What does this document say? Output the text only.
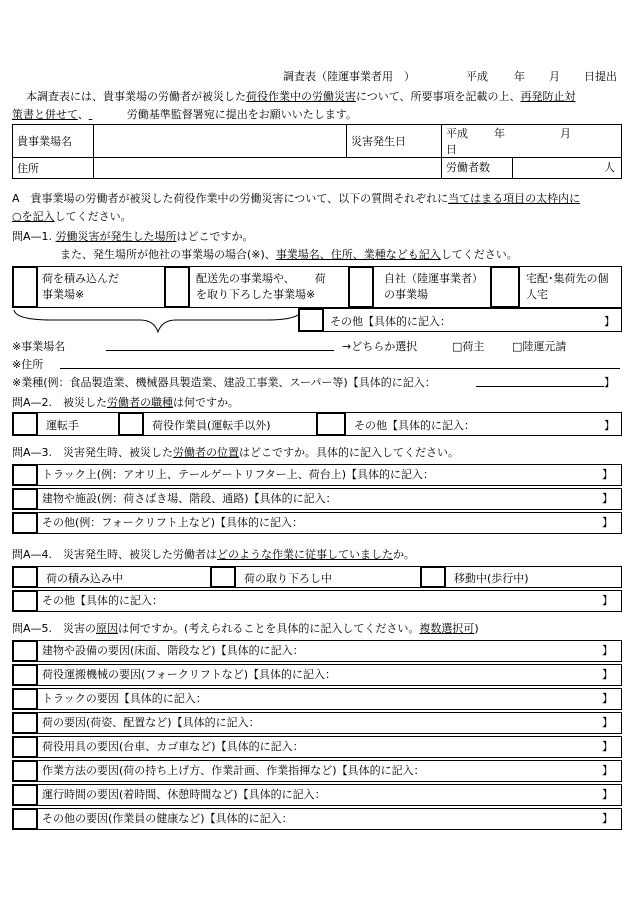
調査表（陸運事業者用　）	平成 年 月 日提出
本調査表には、貴事業場の労働者が被災した荷役作業中の労働災害について、所要事項を記載の上、再発防止対
策書と併せて、	労働基準監督署宛に提出をお願いいたします。
貴事業場名		災害発生日	平成 年 月日
住所			労働者数 人
A　貴事業場の労働者が被災した荷役作業中の労働災害について、以下の質問それぞれに当てはまる項目の太枠内に
○を記入してください。
問A—1. 労働災害が発生した場所はどこですか。
また、発生場所が他社の事業場の場合(※)、事業場名、住所、業種なども記入してください。
荷を積み込んだ
事業場※
配送先の事業場や、 荷
を取り下ろした事業場※
自社（陸運事業者）
の事業場
宅配･集荷先の個
人宅
その他【具体的に記入：	】
※事業場名	→どちらか選択	□荷主	□陸運元請
※住所
※業種(例：食品製造業、機械器具製造業、建設工事業、スーパー等)【具体的に記入：	】
問A—2.　被災した労働者の職種は何ですか。
運転手	荷役作業員(運転手以外)	その他【具体的に記入：	】
問A—3.　災害発生時、被災した労働者の位置はどこですか。具体的に記入してください。
トラック上(例：アオリ上、テールゲートリフター上、荷台上)【具体的に記入：	】
建物や施設(例：荷さばき場、階段、通路)【具体的に記入：	】
その他(例：フォークリフト上など)【具体的に記入：	】
問A—4.　災害発生時、被災した労働者はどのような作業に従事していましたか。
荷の積み込み中	荷の取り下ろし中	移動中(歩行中)
その他【具体的に記入：	】
問A—5.　災害の原因は何ですか。(考えられることを具体的に記入してください。複数選択可)
建物や設備の要因(床面、階段など)【具体的に記入：	】
荷役運搬機械の要因(フォークリフトなど)【具体的に記入：	】
トラックの要因【具体的に記入：	】
荷の要因(荷姿、配置など)【具体的に記入：	】
荷役用具の要因(台車、カゴ車など)【具体的に記入：	】
作業方法の要因(荷の持ち上げ方、作業計画、作業指揮など)【具体的に記入：	】
運行時間の要因(着時間、休憩時間など)【具体的に記入：	】
その他の要因(作業員の健康など)【具体的に記入：	】
